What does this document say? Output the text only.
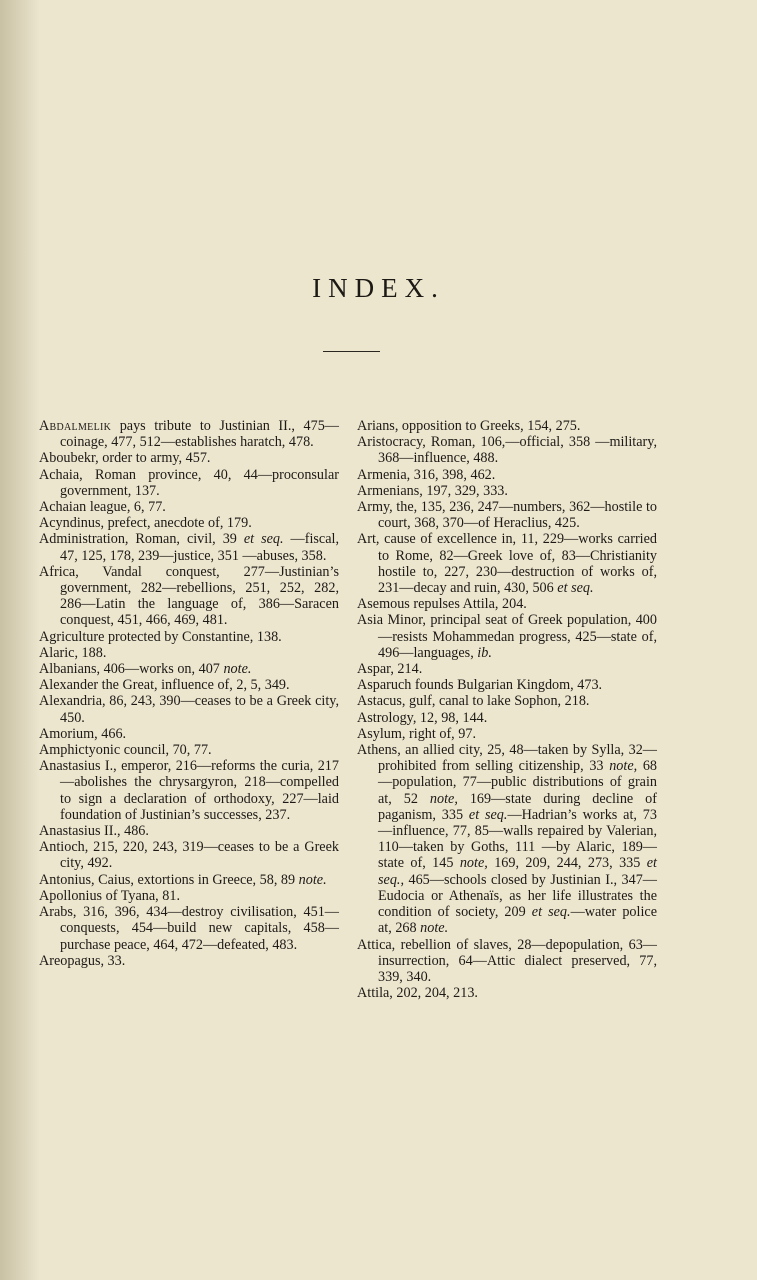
INDEX.

Abdalmelik pays tribute to Justinian II., 475—coinage, 477, 512—establishes haratch, 478.

Aboubekr, order to army, 457.

Achaia, Roman province, 40, 44—proconsular government, 137.

Achaian league, 6, 77.

Acyndinus, prefect, anecdote of, 179.

Administration, Roman, civil, 39 et seq. —fiscal, 47, 125, 178, 239—justice, 351 —abuses, 358.

Africa, Vandal conquest, 277—Justinian’s government, 282—rebellions, 251, 252, 282, 286—Latin the language of, 386—Saracen conquest, 451, 466, 469, 481.

Agriculture protected by Constantine, 138.

Alaric, 188.

Albanians, 406—works on, 407 note.

Alexander the Great, influence of, 2, 5, 349.

Alexandria, 86, 243, 390—ceases to be a Greek city, 450.

Amorium, 466.

Amphictyonic council, 70, 77.

Anastasius I., emperor, 216—reforms the curia, 217—abolishes the chrysargyron, 218—compelled to sign a declaration of orthodoxy, 227—laid foundation of Justinian’s successes, 237.

Anastasius II., 486.

Antioch, 215, 220, 243, 319—ceases to be a Greek city, 492.

Antonius, Caius, extortions in Greece, 58, 89 note.

Apollonius of Tyana, 81.

Arabs, 316, 396, 434—destroy civilisation, 451—conquests, 454—build new capitals, 458—purchase peace, 464, 472—defeated, 483.

Areopagus, 33.

Arians, opposition to Greeks, 154, 275.

Aristocracy, Roman, 106,—official, 358 —military, 368—influence, 488.

Armenia, 316, 398, 462.

Armenians, 197, 329, 333.

Army, the, 135, 236, 247—numbers, 362—hostile to court, 368, 370—of Heraclius, 425.

Art, cause of excellence in, 11, 229—works carried to Rome, 82—Greek love of, 83—Christianity hostile to, 227, 230—destruction of works of, 231—decay and ruin, 430, 506 et seq.

Asemous repulses Attila, 204.

Asia Minor, principal seat of Greek population, 400—resists Mohammedan progress, 425—state of, 496—languages, ib.

Aspar, 214.

Asparuch founds Bulgarian Kingdom, 473.

Astacus, gulf, canal to lake Sophon, 218.

Astrology, 12, 98, 144.

Asylum, right of, 97.

Athens, an allied city, 25, 48—taken by Sylla, 32—prohibited from selling citizenship, 33 note, 68—population, 77—public distributions of grain at, 52 note, 169—state during decline of paganism, 335 et seq.—Hadrian’s works at, 73—influence, 77, 85—walls repaired by Valerian, 110—taken by Goths, 111 —by Alaric, 189—state of, 145 note, 169, 209, 244, 273, 335 et seq., 465—schools closed by Justinian I., 347—Eudocia or Athenaïs, as her life illustrates the condition of society, 209 et seq.—water police at, 268 note.

Attica, rebellion of slaves, 28—depopulation, 63—insurrection, 64—Attic dialect preserved, 77, 339, 340.

Attila, 202, 204, 213.
